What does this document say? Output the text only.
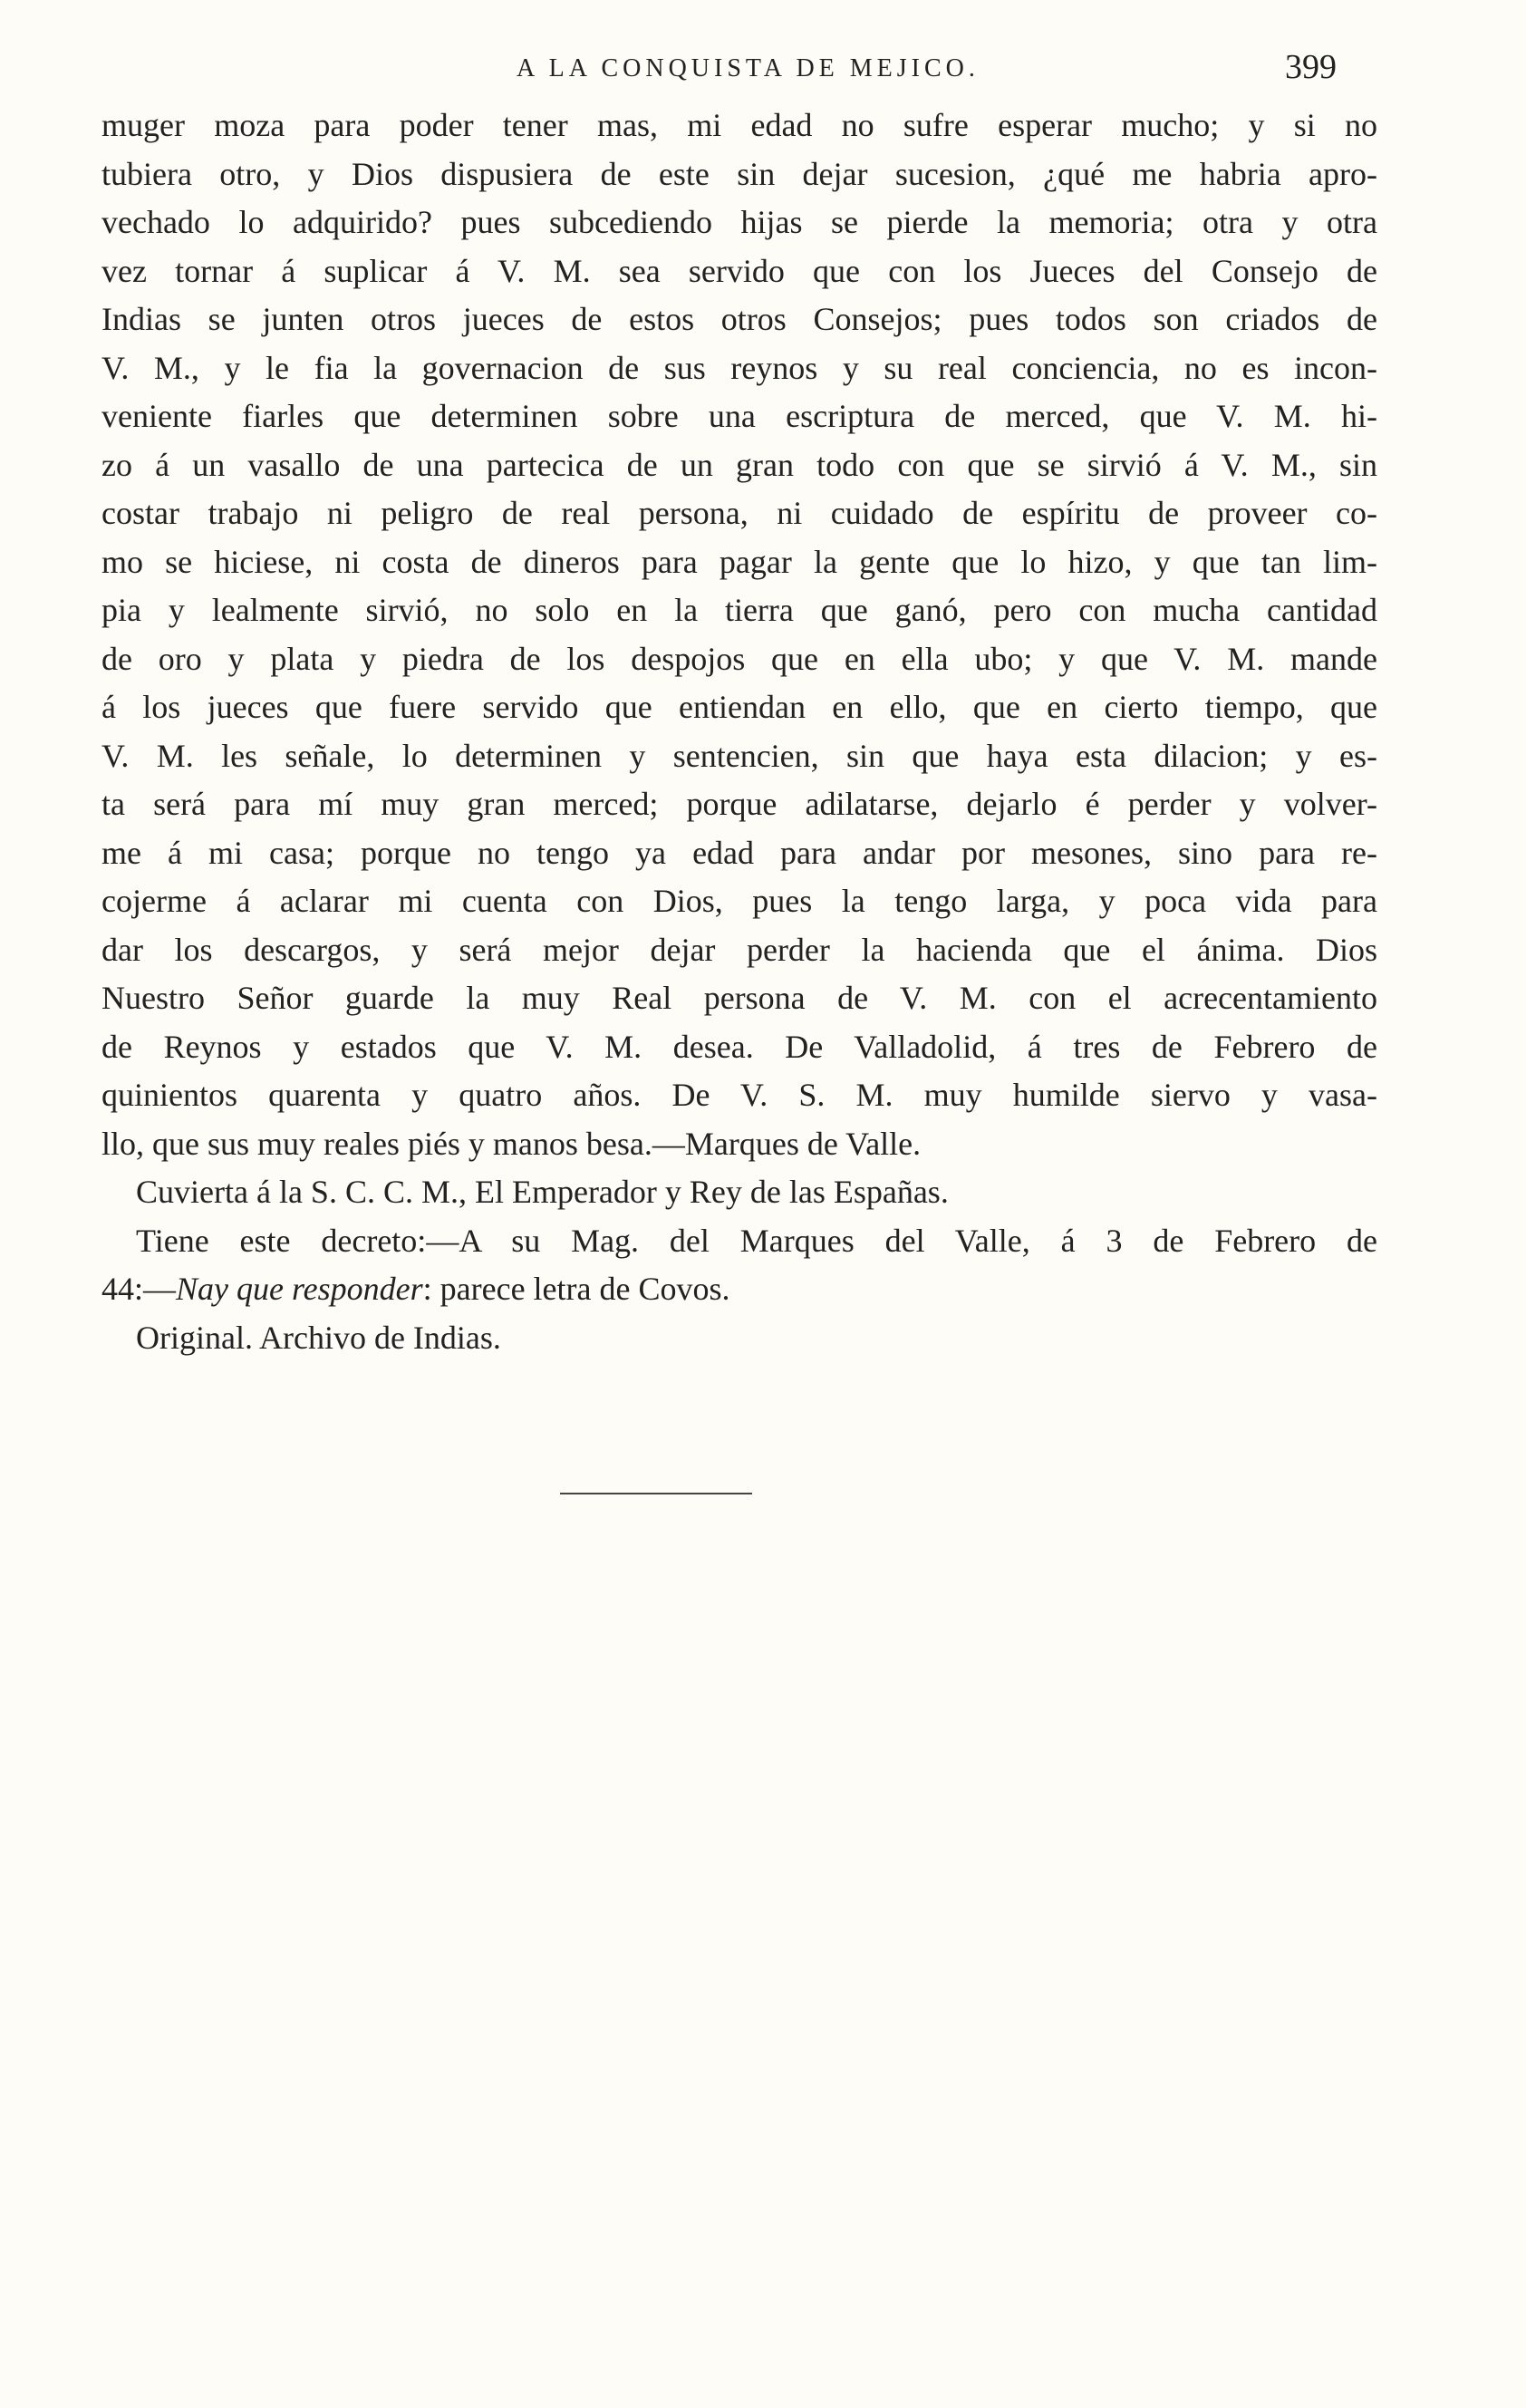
A LA CONQUISTA DE MEJICO.	399
muger moza para poder tener mas, mi edad no sufre esperar mucho; y si no
tubiera otro, y Dios dispusiera de este sin dejar sucesion, ¿qué me habria apro-
vechado lo adquirido? pues subcediendo hijas se pierde la memoria; otra y otra
vez tornar á suplicar á V. M. sea servido que con los Jueces del Consejo de
Indias se junten otros jueces de estos otros Consejos; pues todos son criados de
V. M., y le fia la governacion de sus reynos y su real conciencia, no es incon-
veniente fiarles que determinen sobre una escriptura de merced, que V. M. hi-
zo á un vasallo de una partecica de un gran todo con que se sirvió á V. M., sin
costar trabajo ni peligro de real persona, ni cuidado de espíritu de proveer co-
mo se hiciese, ni costa de dineros para pagar la gente que lo hizo, y que tan lim-
pia y lealmente sirvió, no solo en la tierra que ganó, pero con mucha cantidad
de oro y plata y piedra de los despojos que en ella ubo; y que V. M. mande
á los jueces que fuere servido que entiendan en ello, que en cierto tiempo, que
V. M. les señale, lo determinen y sentencien, sin que haya esta dilacion; y es-
ta será para mí muy gran merced; porque adilatarse, dejarlo é perder y volver-
me á mi casa; porque no tengo ya edad para andar por mesones, sino para re-
cojerme á aclarar mi cuenta con Dios, pues la tengo larga, y poca vida para
dar los descargos, y será mejor dejar perder la hacienda que el ánima. Dios
Nuestro Señor guarde la muy Real persona de V. M. con el acrecentamiento
de Reynos y estados que V. M. desea. De Valladolid, á tres de Febrero de
quinientos quarenta y quatro años. De V. S. M. muy humilde siervo y vasa-
llo, que sus muy reales piés y manos besa.—Marques de Valle.
Cuvierta á la S. C. C. M., El Emperador y Rey de las Españas.
Tiene este decreto:—A su Mag. del Marques del Valle, á 3 de Febrero de
44:—Nay que responder: parece letra de Covos.
Original. Archivo de Indias.
